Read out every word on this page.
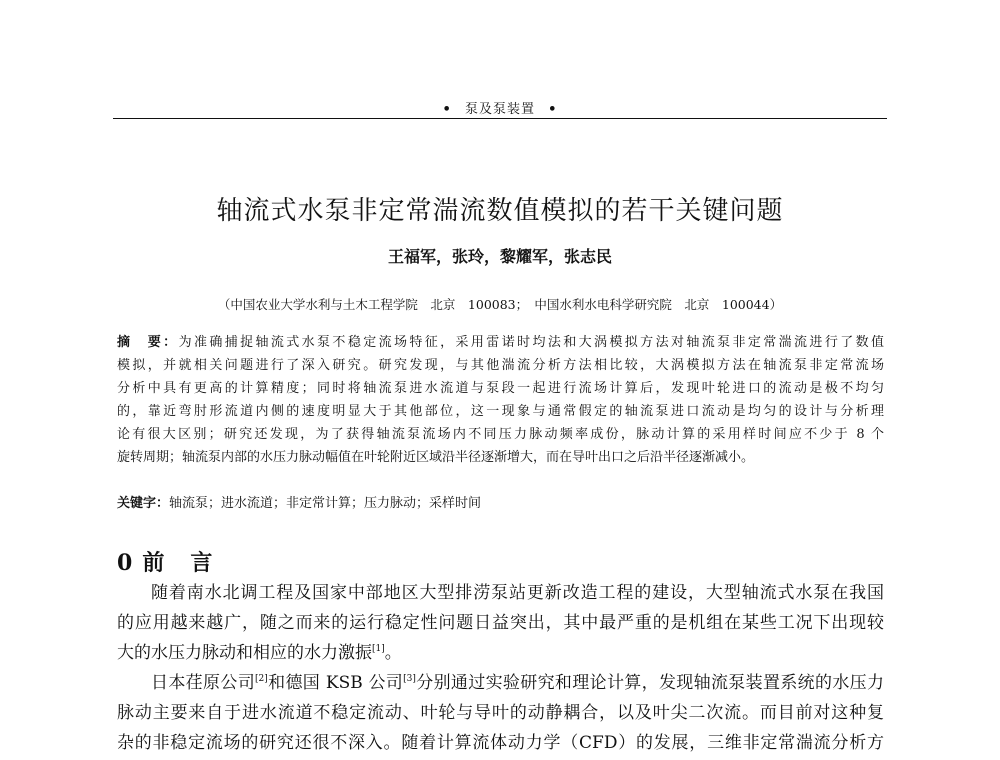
• 泵及泵装置 •
轴流式水泵非定常湍流数值模拟的若干关键问题
王福军，张玲，黎耀军，张志民
（中国农业大学水利与土木工程学院　北京　100083；　中国水利水电科学研究院　北京　100044）
摘　要：为准确捕捉轴流式水泵不稳定流场特征，采用雷诺时均法和大涡模拟方法对轴流泵非定常湍流进行了数值
模拟，并就相关问题进行了深入研究。研究发现，与其他湍流分析方法相比较，大涡模拟方法在轴流泵非定常流场
分析中具有更高的计算精度；同时将轴流泵进水流道与泵段一起进行流场计算后，发现叶轮进口的流动是极不均匀
的，靠近弯肘形流道内侧的速度明显大于其他部位，这一现象与通常假定的轴流泵进口流动是均匀的设计与分析理
论有很大区别；研究还发现，为了获得轴流泵流场内不同压力脉动频率成份，脉动计算的采用样时间应不少于 8 个
旋转周期；轴流泵内部的水压力脉动幅值在叶轮附近区域沿半径逐渐增大，而在导叶出口之后沿半径逐渐减小。
关键字：轴流泵；进水流道；非定常计算；压力脉动；采样时间
0 前 言
随着南水北调工程及国家中部地区大型排涝泵站更新改造工程的建设，大型轴流式水泵在我国
的应用越来越广，随之而来的运行稳定性问题日益突出，其中最严重的是机组在某些工况下出现较
大的水压力脉动和相应的水力激振[1]。
日本荏原公司[2]和德国 KSB 公司[3]分别通过实验研究和理论计算，发现轴流泵装置系统的水压力
脉动主要来自于进水流道不稳定流动、叶轮与导叶的动静耦合，以及叶尖二次流。而目前对这种复
杂的非稳定流场的研究还很不深入。随着计算流体动力学（CFD）的发展，三维非定常湍流分析方
